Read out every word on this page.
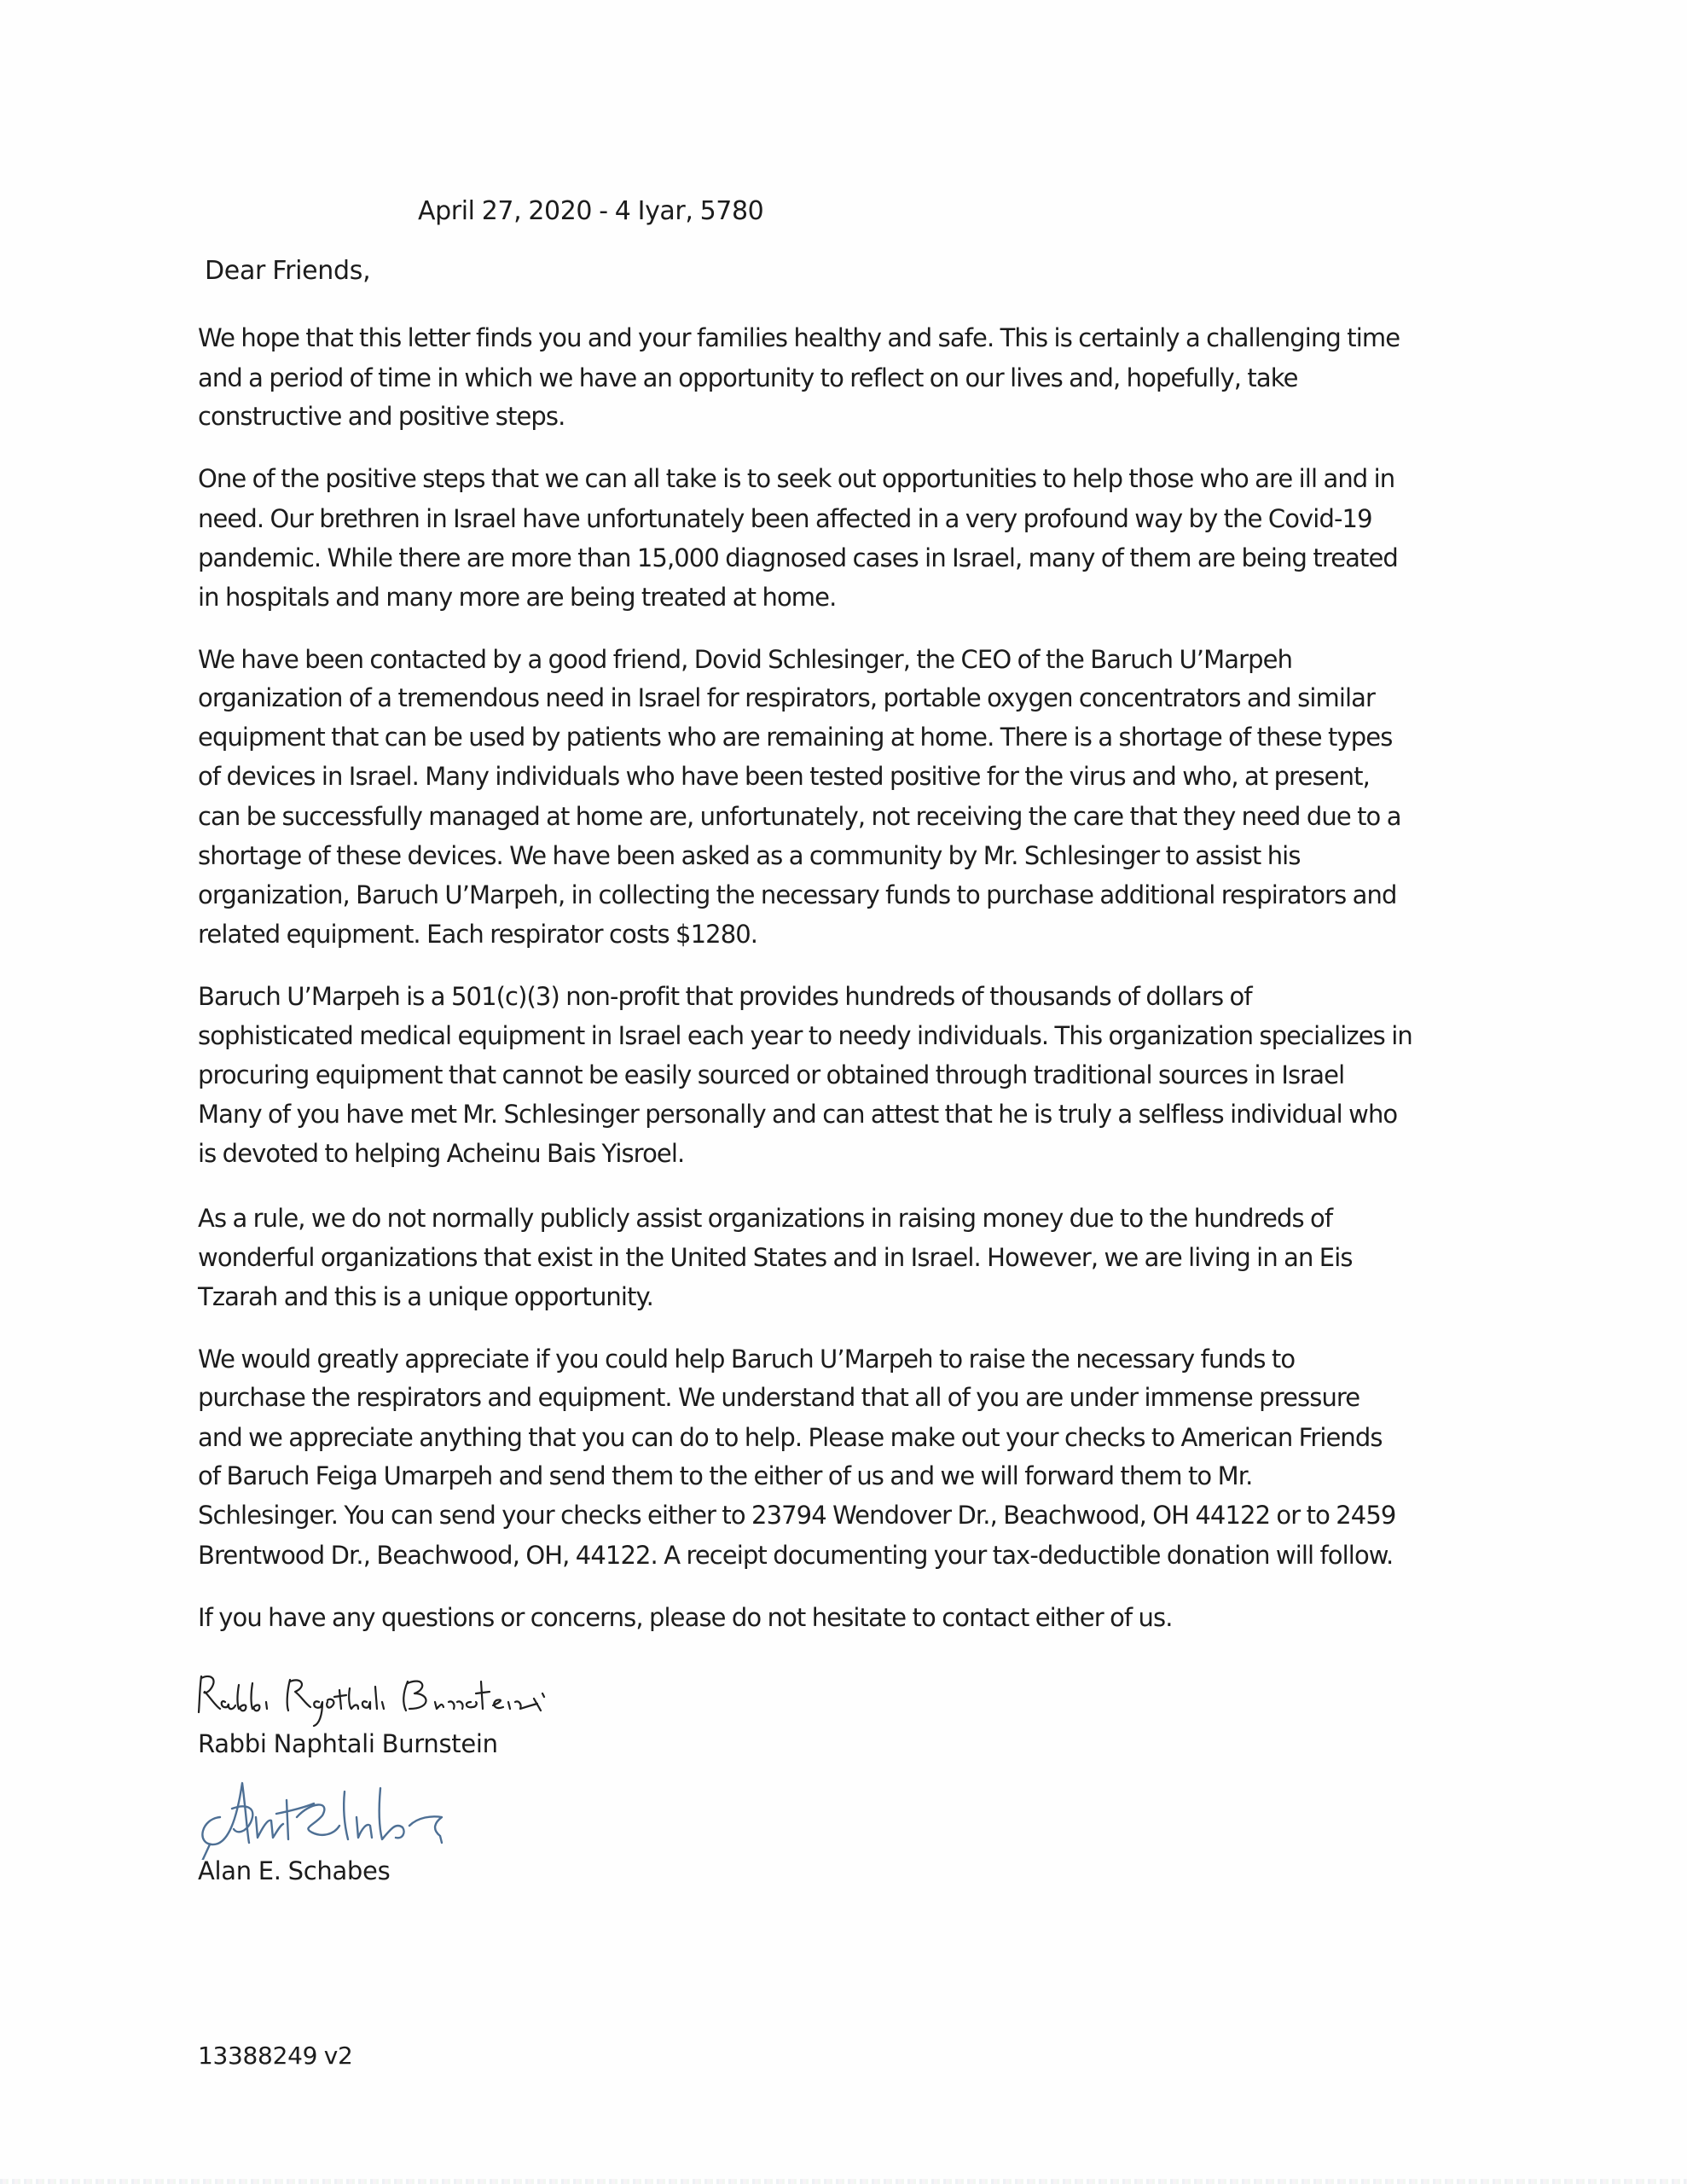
April 27, 2020 - 4 Iyar, 5780
Dear Friends,
We hope that this letter finds you and your families healthy and safe. This is certainly a challenging time
and a period of time in which we have an opportunity to reflect on our lives and, hopefully, take
constructive and positive steps.
One of the positive steps that we can all take is to seek out opportunities to help those who are ill and in
need. Our brethren in Israel have unfortunately been affected in a very profound way by the Covid-19
pandemic. While there are more than 15,000 diagnosed cases in Israel, many of them are being treated
in hospitals and many more are being treated at home.
We have been contacted by a good friend, Dovid Schlesinger, the CEO of the Baruch U’Marpeh
organization of a tremendous need in Israel for respirators, portable oxygen concentrators and similar
equipment that can be used by patients who are remaining at home. There is a shortage of these types
of devices in Israel. Many individuals who have been tested positive for the virus and who, at present,
can be successfully managed at home are, unfortunately, not receiving the care that they need due to a
shortage of these devices. We have been asked as a community by Mr. Schlesinger to assist his
organization, Baruch U’Marpeh, in collecting the necessary funds to purchase additional respirators and
related equipment. Each respirator costs $1280.
Baruch U’Marpeh is a 501(c)(3) non-profit that provides hundreds of thousands of dollars of
sophisticated medical equipment in Israel each year to needy individuals. This organization specializes in
procuring equipment that cannot be easily sourced or obtained through traditional sources in Israel
Many of you have met Mr. Schlesinger personally and can attest that he is truly a selfless individual who
is devoted to helping Acheinu Bais Yisroel.
As a rule, we do not normally publicly assist organizations in raising money due to the hundreds of
wonderful organizations that exist in the United States and in Israel. However, we are living in an Eis
Tzarah and this is a unique opportunity.
We would greatly appreciate if you could help Baruch U’Marpeh to raise the necessary funds to
purchase the respirators and equipment. We understand that all of you are under immense pressure
and we appreciate anything that you can do to help. Please make out your checks to American Friends
of Baruch Feiga Umarpeh and send them to the either of us and we will forward them to Mr.
Schlesinger. You can send your checks either to 23794 Wendover Dr., Beachwood, OH 44122 or to 2459
Brentwood Dr., Beachwood, OH, 44122. A receipt documenting your tax-deductible donation will follow.
If you have any questions or concerns, please do not hesitate to contact either of us.
Rabbi Naphtali Burnstein
Alan E. Schabes
13388249 v2
